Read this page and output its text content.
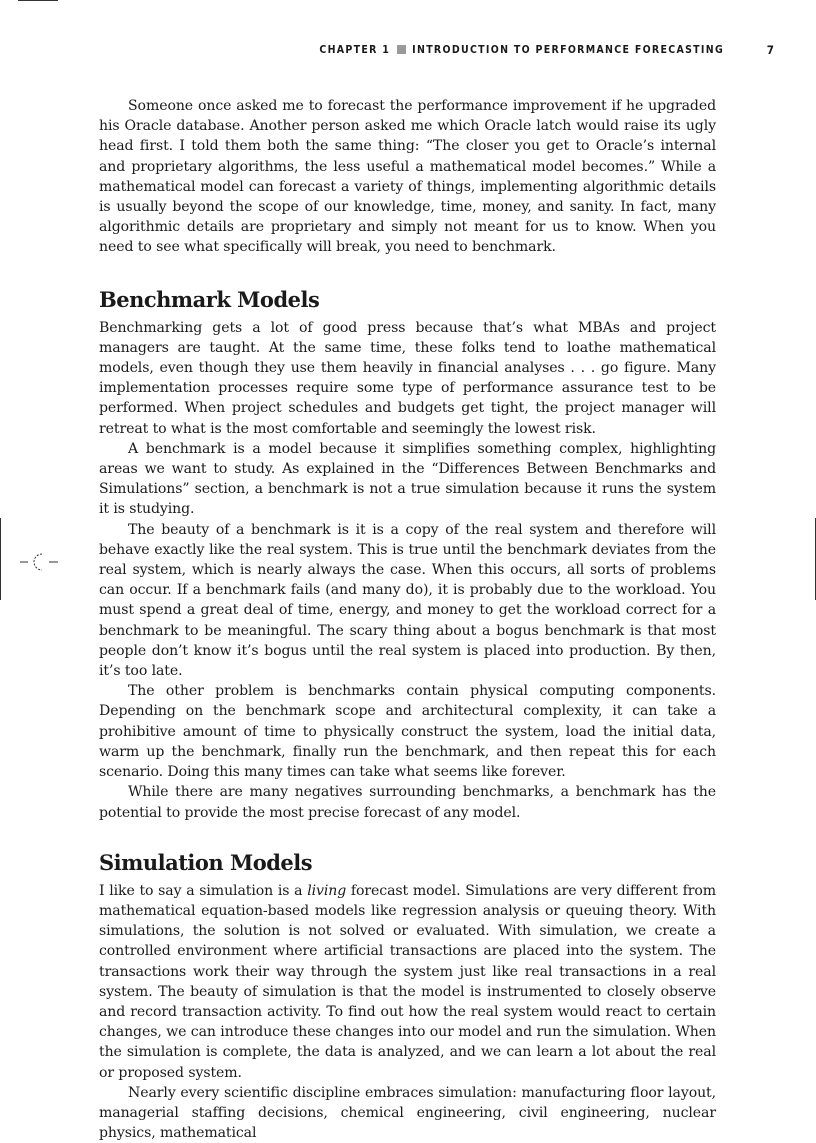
CHAPTER 1 INTRODUCTION TO PERFORMANCE FORECASTING	7

Someone once asked me to forecast the performance improvement if he upgraded his Oracle database. Another person asked me which Oracle latch would raise its ugly head first. I told them both the same thing: “The closer you get to Oracle’s internal and proprietary algorithms, the less useful a mathematical model becomes.” While a mathematical model can forecast a variety of things, implementing algorithmic details is usually beyond the scope of our knowledge, time, money, and sanity. In fact, many algorithmic details are proprietary and simply not meant for us to know. When you need to see what specifically will break, you need to benchmark.

Benchmark Models

Benchmarking gets a lot of good press because that’s what MBAs and project managers are taught. At the same time, these folks tend to loathe mathematical models, even though they use them heavily in financial analyses . . . go figure. Many implementation processes require some type of performance assurance test to be performed. When project schedules and budgets get tight, the project manager will retreat to what is the most comfortable and seemingly the lowest risk.

A benchmark is a model because it simplifies something complex, highlighting areas we want to study. As explained in the “Differences Between Benchmarks and Simulations” section, a benchmark is not a true simulation because it runs the system it is studying.

The beauty of a benchmark is it is a copy of the real system and therefore will behave exactly like the real system. This is true until the benchmark deviates from the real system, which is nearly always the case. When this occurs, all sorts of problems can occur. If a benchmark fails (and many do), it is probably due to the workload. You must spend a great deal of time, energy, and money to get the workload correct for a benchmark to be meaningful. The scary thing about a bogus benchmark is that most people don’t know it’s bogus until the real system is placed into production. By then, it’s too late.

The other problem is benchmarks contain physical computing components. Depending on the benchmark scope and architectural complexity, it can take a prohibitive amount of time to physically construct the system, load the initial data, warm up the benchmark, finally run the benchmark, and then repeat this for each scenario. Doing this many times can take what seems like forever.

While there are many negatives surrounding benchmarks, a benchmark has the potential to provide the most precise forecast of any model.

Simulation Models

I like to say a simulation is a living forecast model. Simulations are very different from mathematical equation-based models like regression analysis or queuing theory. With simulations, the solution is not solved or evaluated. With simulation, we create a controlled environment where artificial transactions are placed into the system. The transactions work their way through the system just like real transactions in a real system. The beauty of simulation is that the model is instrumented to closely observe and record transaction activity. To find out how the real system would react to certain changes, we can introduce these changes into our model and run the simulation. When the simulation is complete, the data is analyzed, and we can learn a lot about the real or proposed system.

Nearly every scientific discipline embraces simulation: manufacturing floor layout, managerial staffing decisions, chemical engineering, civil engineering, nuclear physics, mathematical
